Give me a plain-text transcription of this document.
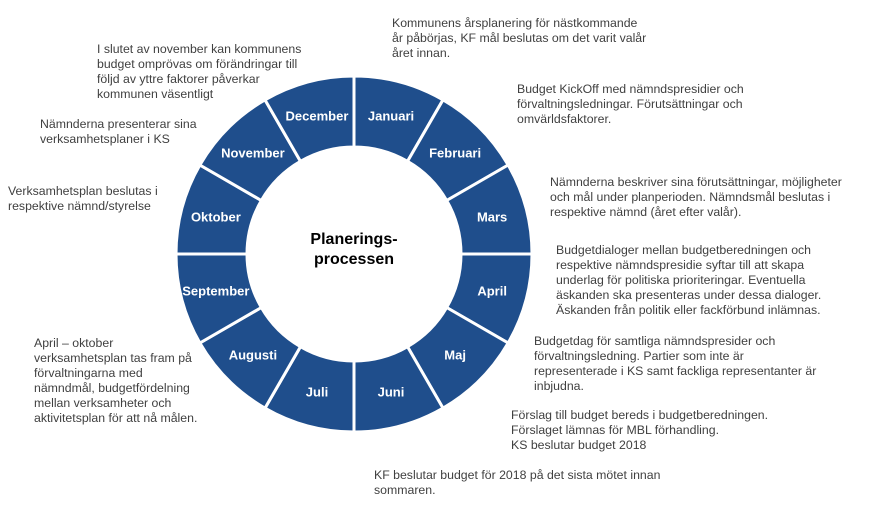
Januari
Februari
Mars
April
Maj
Juni
Juli
Augusti
September
Oktober
November
December
Planerings-
processen
Kommunens årsplanering för nästkommande
år påbörjas, KF mål beslutas om det varit valår
året innan.
Budget KickOff med nämndspresidier och
förvaltningsledningar. Förutsättningar och
omvärldsfaktorer.
Nämnderna beskriver sina förutsättningar, möjligheter
och mål under planperioden. Nämndsmål beslutas i
respektive nämnd (året efter valår).
Budgetdialoger mellan budgetberedningen och
respektive nämndspresidie syftar till att skapa
underlag för politiska prioriteringar. Eventuella
äskanden ska presenteras under dessa dialoger.
Äskanden från politik eller fackförbund inlämnas.
Budgetdag för samtliga nämndspresider och
förvaltningsledning. Partier som inte är
representerade i KS samt fackliga representanter är
inbjudna.
Förslag till budget bereds i budgetberedningen.
Förslaget lämnas för MBL förhandling.
KS beslutar budget 2018
KF beslutar budget för 2018 på det sista mötet innan
sommaren.
April – oktober
verksamhetsplan tas fram på
förvaltningarna med
nämndmål, budgetfördelning
mellan verksamheter och
aktivitetsplan för att nå målen.
Verksamhetsplan beslutas i
respektive nämnd/styrelse
Nämnderna presenterar sina
verksamhetsplaner i KS
I slutet av november kan kommunens
budget omprövas om förändringar till
följd av yttre faktorer påverkar
kommunen väsentligt
